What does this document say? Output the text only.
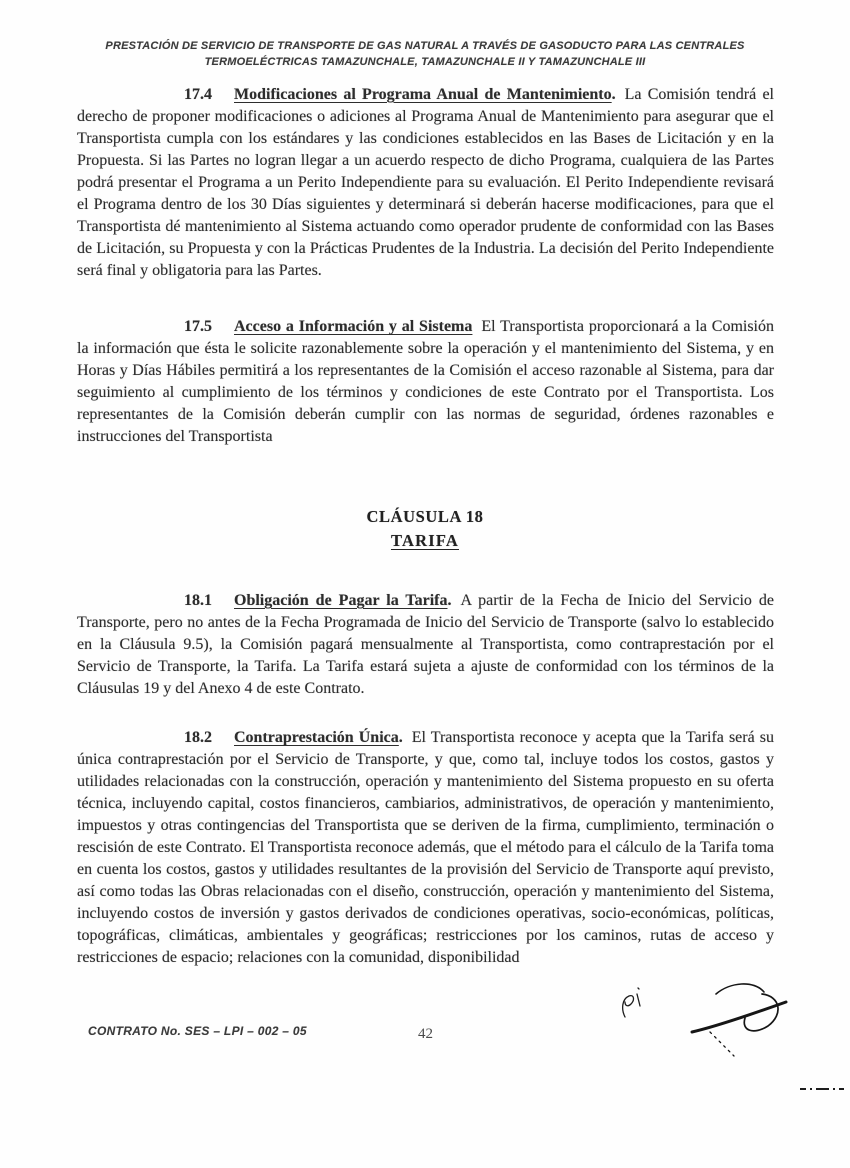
PRESTACIÓN DE SERVICIO DE TRANSPORTE DE GAS NATURAL A TRAVÉS DE GASODUCTO PARA LAS CENTRALES
TERMOELÉCTRICAS TAMAZUNCHALE, TAMAZUNCHALE II Y TAMAZUNCHALE III

17.4 Modificaciones al Programa Anual de Mantenimiento. La Comisión tendrá el derecho de proponer modificaciones o adiciones al Programa Anual de Mantenimiento para asegurar que el Transportista cumpla con los estándares y las condiciones establecidos en las Bases de Licitación y en la Propuesta. Si las Partes no logran llegar a un acuerdo respecto de dicho Programa, cualquiera de las Partes podrá presentar el Programa a un Perito Independiente para su evaluación. El Perito Independiente revisará el Programa dentro de los 30 Días siguientes y determinará si deberán hacerse modificaciones, para que el Transportista dé mantenimiento al Sistema actuando como operador prudente de conformidad con las Bases de Licitación, su Propuesta y con la Prácticas Prudentes de la Industria. La decisión del Perito Independiente será final y obligatoria para las Partes.

17.5 Acceso a Información y al Sistema El Transportista proporcionará a la Comisión la información que ésta le solicite razonablemente sobre la operación y el mantenimiento del Sistema, y en Horas y Días Hábiles permitirá a los representantes de la Comisión el acceso razonable al Sistema, para dar seguimiento al cumplimiento de los términos y condiciones de este Contrato por el Transportista. Los representantes de la Comisión deberán cumplir con las normas de seguridad, órdenes razonables e instrucciones del Transportista

CLÁUSULA 18
TARIFA

18.1 Obligación de Pagar la Tarifa. A partir de la Fecha de Inicio del Servicio de Transporte, pero no antes de la Fecha Programada de Inicio del Servicio de Transporte (salvo lo establecido en la Cláusula 9.5), la Comisión pagará mensualmente al Transportista, como contraprestación por el Servicio de Transporte, la Tarifa. La Tarifa estará sujeta a ajuste de conformidad con los términos de la Cláusulas 19 y del Anexo 4 de este Contrato.

18.2 Contraprestación Única. El Transportista reconoce y acepta que la Tarifa será su única contraprestación por el Servicio de Transporte, y que, como tal, incluye todos los costos, gastos y utilidades relacionadas con la construcción, operación y mantenimiento del Sistema propuesto en su oferta técnica, incluyendo capital, costos financieros, cambiarios, administrativos, de operación y mantenimiento, impuestos y otras contingencias del Transportista que se deriven de la firma, cumplimiento, terminación o rescisión de este Contrato. El Transportista reconoce además, que el método para el cálculo de la Tarifa toma en cuenta los costos, gastos y utilidades resultantes de la provisión del Servicio de Transporte aquí previsto, así como todas las Obras relacionadas con el diseño, construcción, operación y mantenimiento del Sistema, incluyendo costos de inversión y gastos derivados de condiciones operativas, socio-económicas, políticas, topográficas, climáticas, ambientales y geográficas; restricciones por los caminos, rutas de acceso y restricciones de espacio; relaciones con la comunidad, disponibilidad

CONTRATO No. SES – LPI – 002 – 05	42
